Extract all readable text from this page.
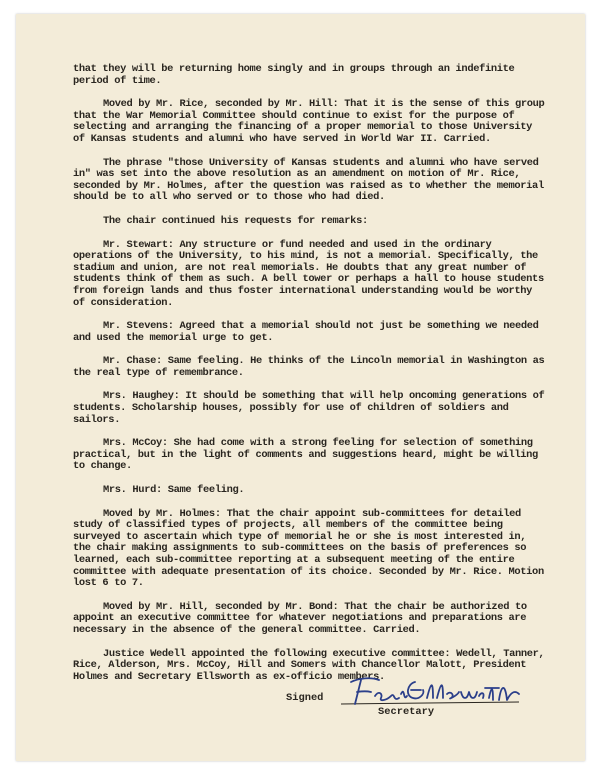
that they will be returning home singly and in groups through an indefinite period of time.

Moved by Mr. Rice, seconded by Mr. Hill: That it is the sense of this group that the War Memorial Committee should continue to exist for the purpose of selecting and arranging the financing of a proper memorial to those University of Kansas students and alumni who have served in World War II. Carried.

The phrase "those University of Kansas students and alumni who have served in" was set into the above resolution as an amendment on motion of Mr. Rice, seconded by Mr. Holmes, after the question was raised as to whether the memorial should be to all who served or to those who had died.

The chair continued his requests for remarks:

Mr. Stewart: Any structure or fund needed and used in the ordinary operations of the University, to his mind, is not a memorial. Specifically, the stadium and union, are not real memorials. He doubts that any great number of students think of them as such. A bell tower or perhaps a hall to house students from foreign lands and thus foster international understanding would be worthy of consideration.

Mr. Stevens: Agreed that a memorial should not just be something we needed and used the memorial urge to get.

Mr. Chase: Same feeling. He thinks of the Lincoln memorial in Washington as the real type of remembrance.

Mrs. Haughey: It should be something that will help oncoming generations of students. Scholarship houses, possibly for use of children of soldiers and sailors.

Mrs. McCoy: She had come with a strong feeling for selection of something practical, but in the light of comments and suggestions heard, might be willing to change.

Mrs. Hurd: Same feeling.

Moved by Mr. Holmes: That the chair appoint sub-committees for detailed study of classified types of projects, all members of the committee being surveyed to ascertain which type of memorial he or she is most interested in, the chair making assignments to sub-committees on the basis of preferences so learned, each sub-committee reporting at a subsequent meeting of the entire committee with adequate presentation of its choice. Seconded by Mr. Rice. Motion lost 6 to 7.

Moved by Mr. Hill, seconded by Mr. Bond: That the chair be authorized to appoint an executive committee for whatever negotiations and preparations are necessary in the absence of the general committee. Carried.

Justice Wedell appointed the following executive committee: Wedell, Tanner, Rice, Alderson, Mrs. McCoy, Hill and Somers with Chancellor Malott, President Holmes and Secretary Ellsworth as ex-officio members.

Signed
Secretary
